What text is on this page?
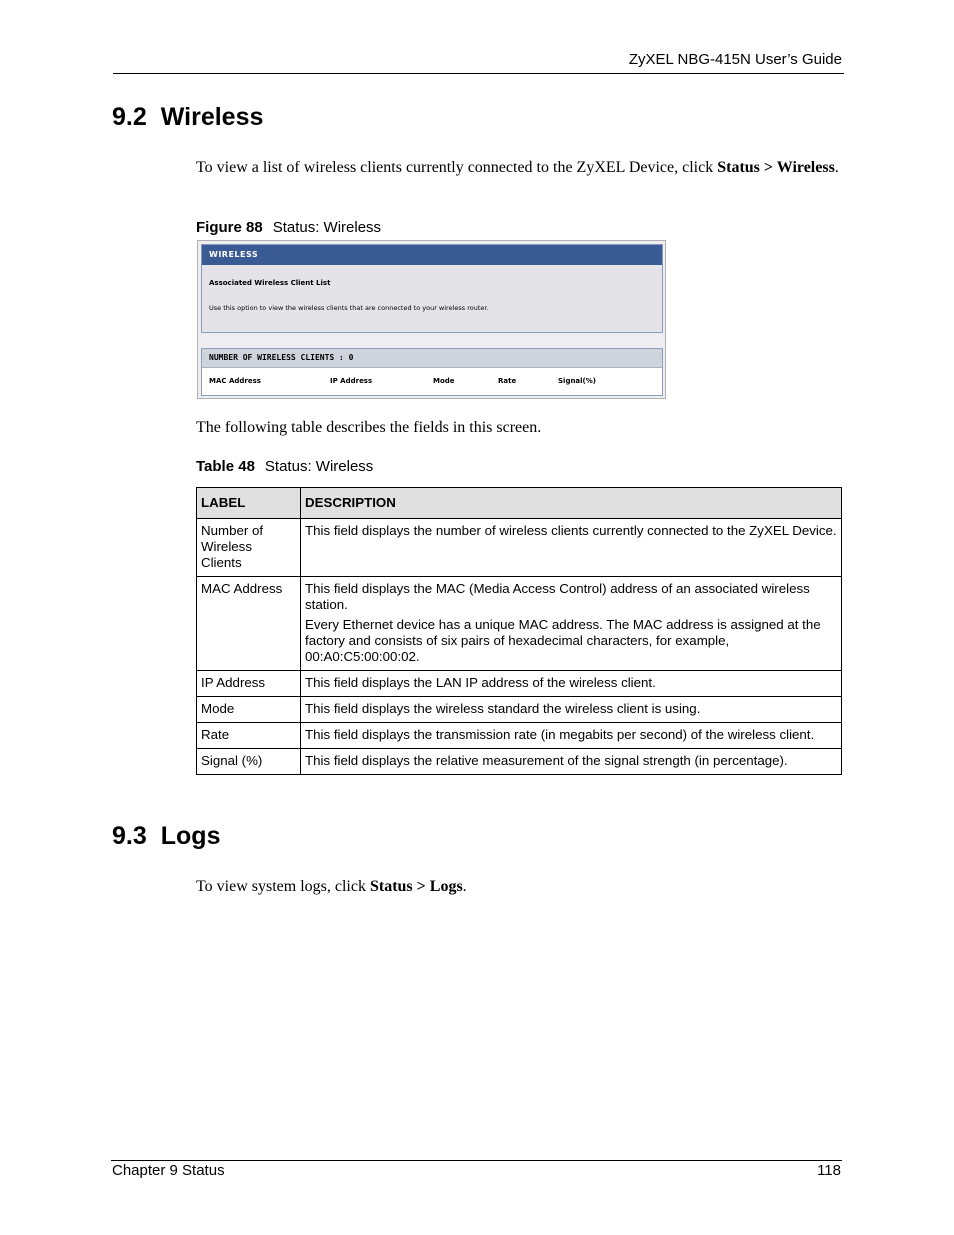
ZyXEL NBG-415N User’s Guide
9.2 Wireless

To view a list of wireless clients currently connected to the ZyXEL Device, click Status > Wireless.

Figure 88 Status: Wireless
WIRELESS
Associated Wireless Client List
Use this option to view the wireless clients that are connected to your wireless router.
NUMBER OF WIRELESS CLIENTS : 0
MAC Address	IP Address	Mode	Rate	Signal(%)

The following table describes the fields in this screen.

Table 48 Status: Wireless
LABEL	DESCRIPTION
Number of Wireless Clients	This field displays the number of wireless clients currently connected to the ZyXEL Device.

MAC Address	This field displays the MAC (Media Access Control) address of an associated wireless station.

Every Ethernet device has a unique MAC address. The MAC address is assigned at the factory and consists of six pairs of hexadecimal characters, for example, 00:A0:C5:00:00:02.

IP Address	This field displays the LAN IP address of the wireless client.

Mode	This field displays the wireless standard the wireless client is using.

Rate	This field displays the transmission rate (in megabits per second) of the wireless client.

Signal (%)	This field displays the relative measurement of the signal strength (in percentage).

9.3 Logs

To view system logs, click Status > Logs.

Chapter 9 Status	118
